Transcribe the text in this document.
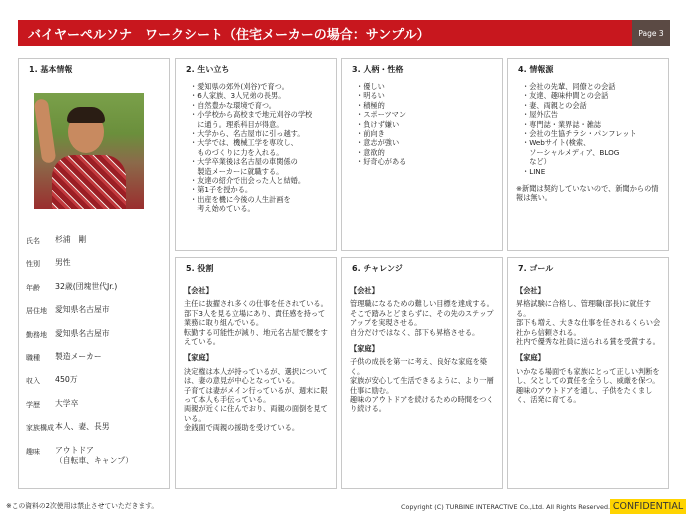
バイヤーペルソナ　ワークシート（住宅メーカーの場合：サンプル）	Page 3
1. 基本情報
氏名	杉浦　剛
性別	男性
年齢	32歳(団塊世代Jr.)
居住地	愛知県名古屋市
勤務地	愛知県名古屋市
職種	製造メーカー
収入	450万
学歴	大学卒
家族構成 本人、妻、長男
趣味	アウトドア
（自転車、キャンプ）
2. 生い立ち
・愛知県の郊外(刈谷)で育つ。
・6人家族、3人兄弟の長男。
・自然豊かな環境で育つ。
・小学校から高校まで地元刈谷の学校
　に通う。理系科目が得意。
・大学から、名古屋市に引っ越す。
・大学では、機械工学を専攻し、
　ものづくりに力を入れる。
・大学卒業後は名古屋の車関係の
　製造メーカーに就職する。
・友達の紹介で出会った人と結婚。
・第1子を授かる。
・出産を機に今後の人生計画を
　考え始めている。
3. 人柄・性格
・優しい
・明るい
・積極的
・スポーツマン
・負けず嫌い
・前向き
・意志が強い
・意欲的
・好奇心がある
4. 情報源
・会社の先輩、同僚との会話
・友達、趣味仲間との会話
・妻、両親との会話
・屋外広告
・専門誌・業界誌・雑誌
・会社の生協チラシ・パンフレット
・Webサイト(検索、
　ソーシャルメディア、BLOG
　など）
・LINE
※新聞は契約していないので、新聞からの情報は無い。
5. 役割
【会社】
主任に抜擢され多くの仕事を任されている。
部下3人を見る立場にあり、責任感を持って業務に取り組んでいる。
転勤する可能性が減り、地元名古屋で腰をすえている。
【家庭】
決定権は本人が持っているが、選択については、妻の意見が中心となっている。
子育ては妻がメイン行っているが、週末に限って本人も手伝っている。
両親が近くに住んでおり、両親の面倒を見ている。
金銭面で両親の援助を受けている。
6. チャレンジ
【会社】
管理職になるための難しい目標を達成する。
そこで踏みとどまらずに、その先のステップアップを実現させる。
自分だけではなく、部下も昇格させる。
【家庭】
子供の成長を第一に考え、良好な家庭を築く。
家族が安心して生活できるように、より一層仕事に励む。
趣味のアウトドアを続けるための時間をつくり続ける。
7. ゴール
【会社】
昇格試験に合格し、管理職(部長)に就任する。
部下も増え、大きな仕事を任されるくらい会社から信頼される。
社内で優秀な社員に送られる賞を受賞する。
【家庭】
いかなる場面でも家族にとって正しい判断をし、父としての責任を全うし、威厳を保つ。
趣味のアウトドアを通し、子供をたくましく、活発に育てる。
※この資料の2次使用は禁止させていただきます。	Copyright (C) TURBINE INTERACTIVE Co.,Ltd. All Rights Reserved. CONFIDENTIAL
